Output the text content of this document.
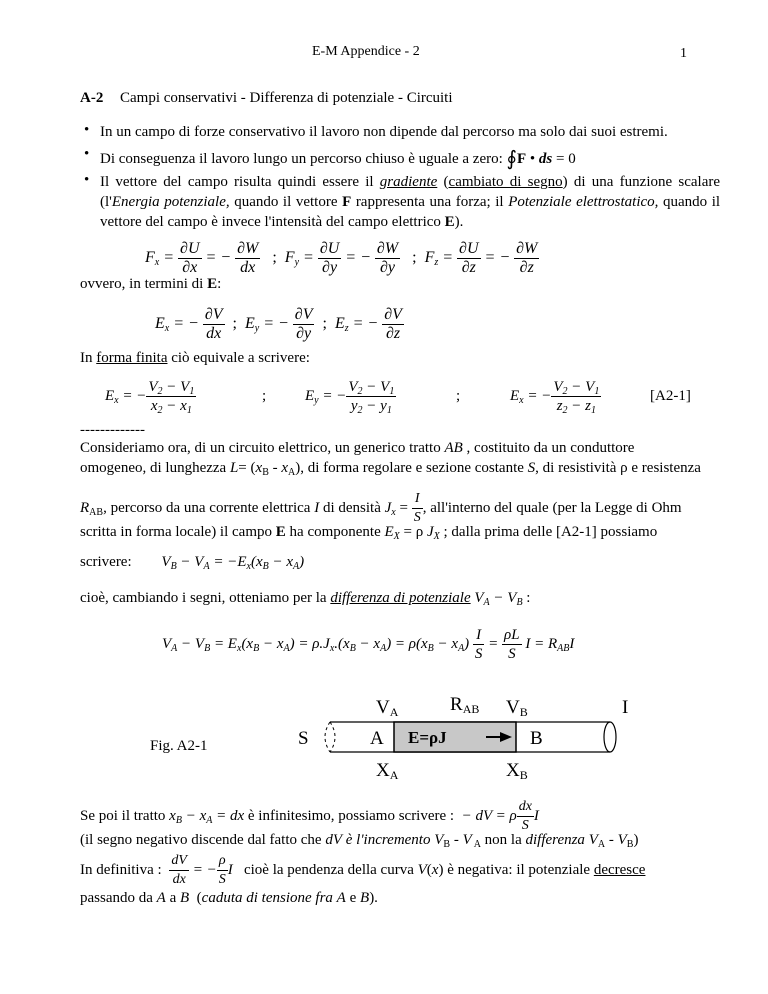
E-M Appendice - 2	1
A-2 Campi conservativi - Differenza di potenziale - Circuiti
• In un campo di forze conservativo il lavoro non dipende dal percorso ma solo dai suoi estremi.
• Di conseguenza il lavoro lungo un percorso chiuso è uguale a zero: ∮F • ds = 0
• Il vettore del campo risulta quindi essere il gradiente (cambiato di segno) di una funzione scalare (l'Energia potenziale, quando il vettore F rappresenta una forza; il Potenziale elettrostatico, quando il vettore del campo è invece l'intensità del campo elettrico E).
$F_x = \frac{\partial U}{\partial x}$ = − $\frac{\partial W}{dx}$ ;  $F_y = \frac{\partial U}{\partial y}$ = − $\frac{\partial W}{\partial y}$ ;  $F_z = \frac{\partial U}{\partial z}$ = − $\frac{\partial W}{\partial z}$
ovvero, in termini di E:
$E_x$ = − $\frac{\partial V}{dx}$ ;  $E_y$ = − $\frac{\partial V}{\partial y}$ ;  $E_z$ = − $\frac{\partial V}{\partial z}$
In forma finita ciò equivale a scrivere:
$E_x$ = − $\frac{V_2 - V_1}{x_2 - x_1}$	;	$E_y$ = − $\frac{V_2 - V_1}{y_2 - y_1}$	;	$E_x$ = − $\frac{V_2 - V_1}{z_2 - z_1}$	[A2-1]
-------------
Consideriamo ora, di un circuito elettrico, un generico tratto AB , costituito da un conduttore
omogeneo, di lunghezza $L= (x_B - x_A)$, di forma regolare e sezione costante S, di resistività ρ e resistenza
$R_{AB}$, percorso da una corrente elettrica I di densità $J_x = \frac{I}{S}$ , all'interno del quale (per la Legge di Ohm
scritta in forma locale) il campo E ha componente $E_X = \rho$ $J_X$ ; dalla prima delle [A2-1] possiamo
scrivere: $V_B - V_A = -E_x(x_B - x_A)$
cioè, cambiando i segni, otteniamo per la differenza di potenziale $V_A - V_B$ :
$V_A - V_B = E_x(x_B - x_A) = \rho.J_x.(x_B - x_A) = \rho(x_B - x_A) \frac{I}{S} = \frac{\rho L}{S}$ $I = R_{AB}I$
Fig. A2-1	S	A E=ρJ	B
VA	RAB VB	I
XA	XB
Se poi il tratto $x_B - x_A$ = dx è infinitesimo, possiamo scrivere :  − dV = ρ $\frac{dx}{S}$ I
(il segno negativo discende dal fatto che dV è l'incremento $V_B$ - V $_A$ non la differenza $V_A - V_B$)
In definitiva : $\frac{dV}{dx}$ = − $\frac{\rho}{S}$ I cioè la pendenza della curva V(x) è negativa: il potenziale decresce
passando da A a B (caduta di tensione fra A e B).
